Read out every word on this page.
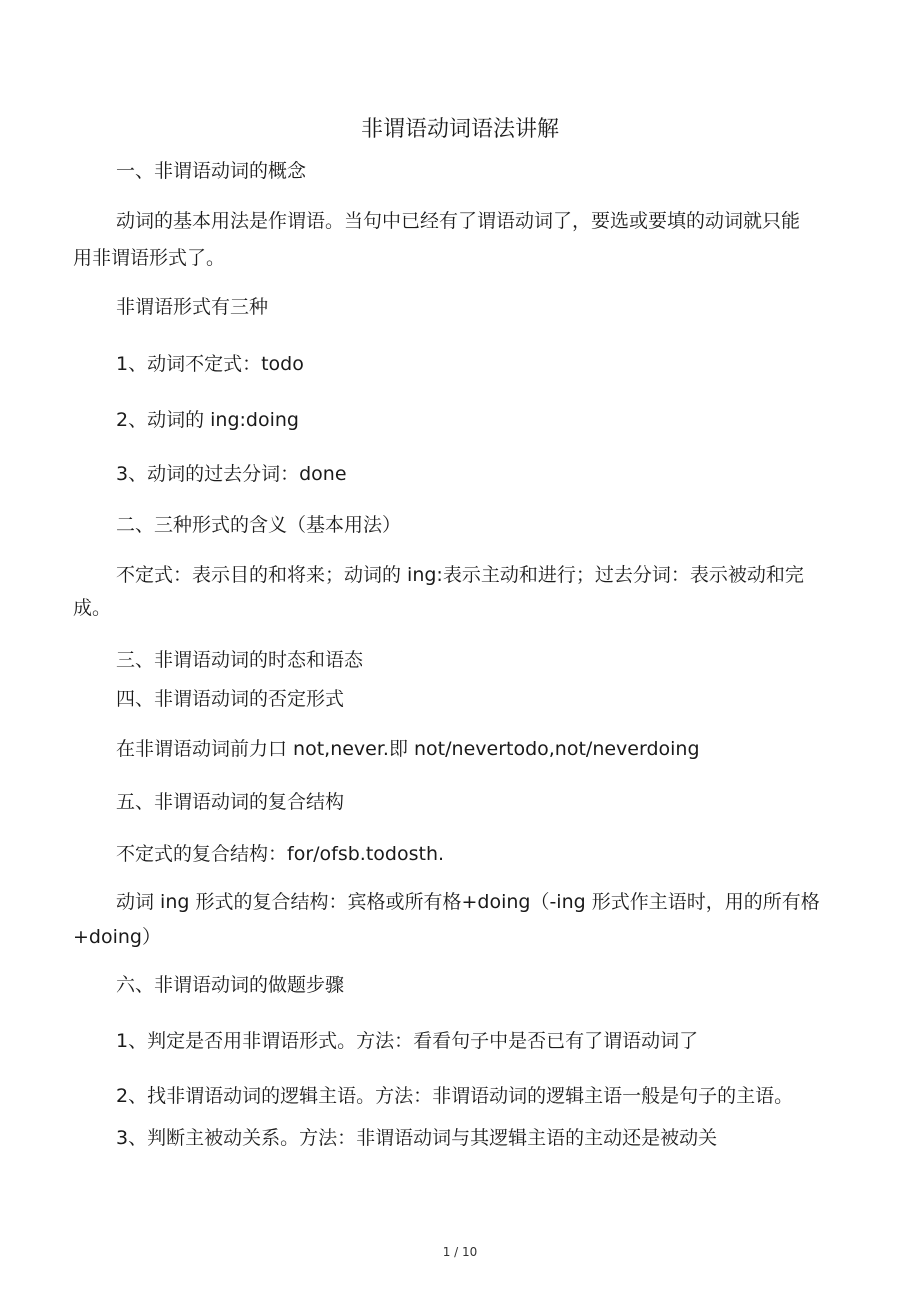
非谓语动词语法讲解
一、非谓语动词的概念
动词的基本用法是作谓语。当句中已经有了谓语动词了，要选或要填的动词就只能
用非谓语形式了。
非谓语形式有三种
1、动词不定式：todo
2、动词的 ing:doing
3、动词的过去分词：done
二、三种形式的含义（基本用法）
不定式：表示目的和将来；动词的 ing:表示主动和进行；过去分词：表示被动和完
成。
三、非谓语动词的时态和语态
四、非谓语动词的否定形式
在非谓语动词前力口 not,never.即 not/nevertodo,not/neverdoing
五、非谓语动词的复合结构
不定式的复合结构：for/ofsb.todosth.
动词 ing 形式的复合结构：宾格或所有格+doing（-ing 形式作主语时，用的所有格
+doing）
六、非谓语动词的做题步骤
1、判定是否用非谓语形式。方法：看看句子中是否已有了谓语动词了
2、找非谓语动词的逻辑主语。方法：非谓语动词的逻辑主语一般是句子的主语。
3、判断主被动关系。方法：非谓语动词与其逻辑主语的主动还是被动关
1 / 10
